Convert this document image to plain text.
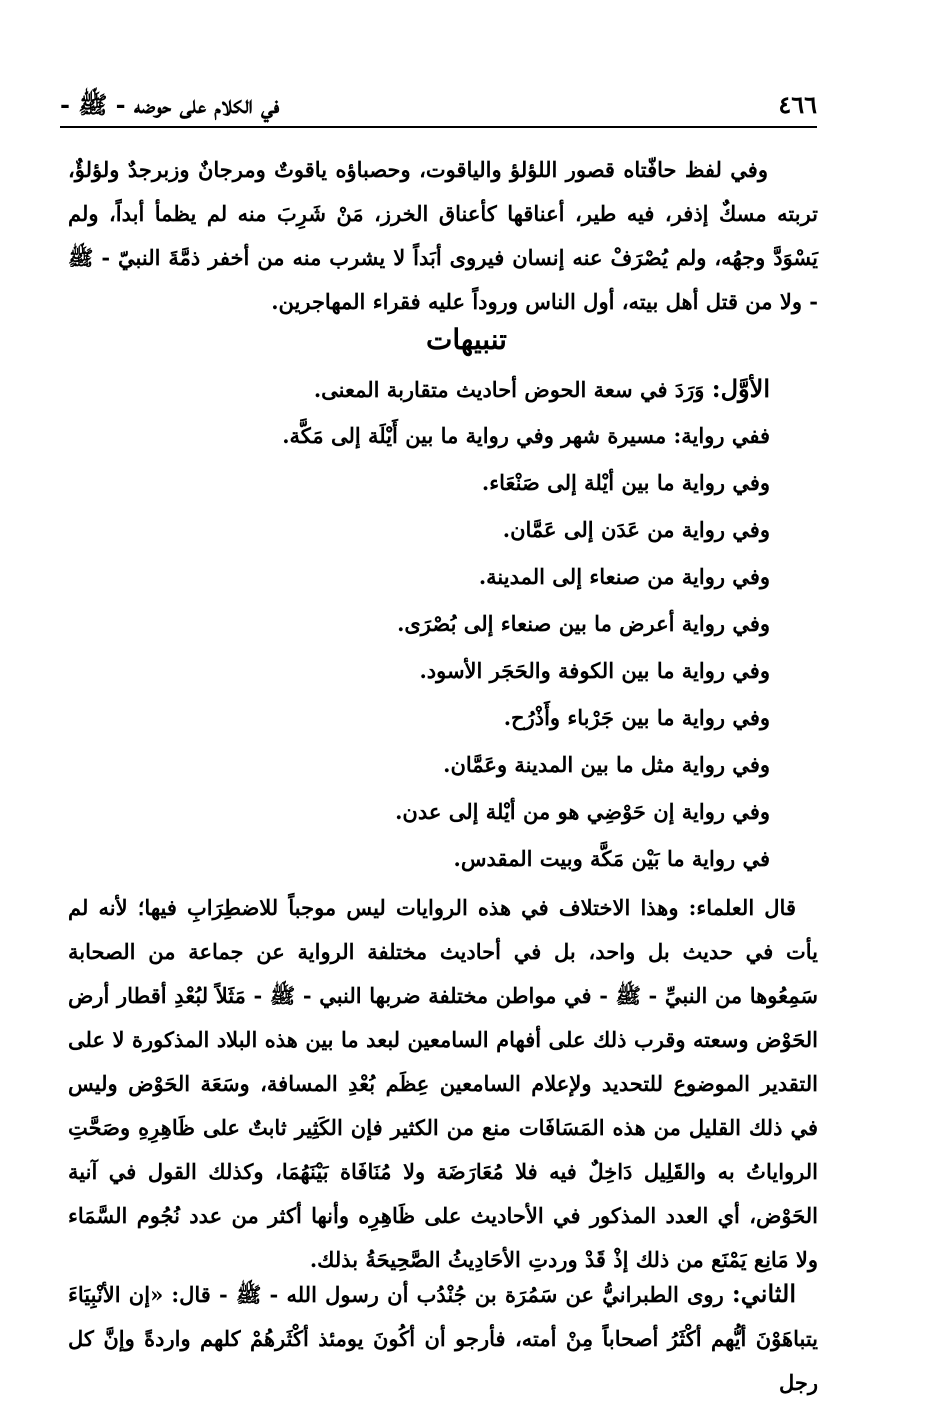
٤٦٦
في الكلام على حوضه - ﷺ -
وفي لفظ حافّتاه قصور اللؤلؤ والياقوت، وحصباؤه ياقوتٌ ومرجانٌ وزبرجدٌ ولؤلؤٌ، تربته مسكٌ إذفر، فيه طير، أعناقها كأعناق الخرز، مَنْ شَرِبَ منه لم يظمأ أبداً، ولم يَسْوَدَّ وجهُه، ولم يُصْرَفْ عنه إنسان فيروى أبَداً لا يشرب منه من أخفر ذمَّةَ النبيّ - ﷺ - ولا من قتل أهل بيته، أول الناس وروداً عليه فقراء المهاجرين.
تنبيهات
الأوَّل: وَرَدَ في سعة الحوض أحاديث متقاربة المعنى.
ففي رواية: مسيرة شهر وفي رواية ما بين أَيْلَة إلى مَكَّة.
وفي رواية ما بين أيْلة إلى صَنْعَاء.
وفي رواية من عَدَن إلى عَمَّان.
وفي رواية من صنعاء إلى المدينة.
وفي رواية أعرض ما بين صنعاء إلى بُصْرَى.
وفي رواية ما بين الكوفة والحَجَر الأسود.
وفي رواية ما بين جَرْباء وأَذْرُح.
وفي رواية مثل ما بين المدينة وعَمَّان.
وفي رواية إن حَوْضِي هو من أيْلة إلى عدن.
في رواية ما بَيْن مَكَّة وبيت المقدس.
قال العلماء: وهذا الاختلاف في هذه الروايات ليس موجباً للاضطِرَابِ فيها؛ لأنه لم يأت في حديث بل واحد، بل في أحاديث مختلفة الرواية عن جماعة من الصحابة سَمِعُوها من النبيِّ - ﷺ - في مواطن مختلفة ضربها النبي - ﷺ - مَثَلاً لبُعْدِ أقطار أرض الحَوْض وسعته وقرب ذلك على أفهام السامعين لبعد ما بين هذه البلاد المذكورة لا على التقدير الموضوع للتحديد ولإعلام السامعين عِظَم بُعْدِ المسافة، وسَعَة الحَوْض وليس في ذلك القليل من هذه المَسَافَات منع من الكثير فإن الكَثِير ثابتٌ على ظَاهِرِهِ وصَحَّتِ الرواياتُ به والقَلِيل دَاخِلٌ فيه فلا مُعَارَضَة ولا مُنَافَاة بَيْنَهُمَا، وكذلك القول في آنية الحَوْض، أي العدد المذكور في الأحاديث على ظَاهِرِه وأنها أكثر من عدد نُجُوم السَّمَاء ولا مَانِع يَمْنَع من ذلك إذْ قَدْ وردتِ الأحَادِيثُ الصَّحِيحَةُ بذلك.
الثاني: روى الطبرانيُّ عن سَمُرَة بن جُنْدُب أن رسول الله - ﷺ - قال: «إن الأنْبِيَاءَ يتباهَوْنَ أيُّهم أكْثَرُ أصحاباً مِنْ أمته، فأرجو أن أكُونَ يومئذ أكْثَرهُمْ كلهم واردةً وإنَّ كل رجل
